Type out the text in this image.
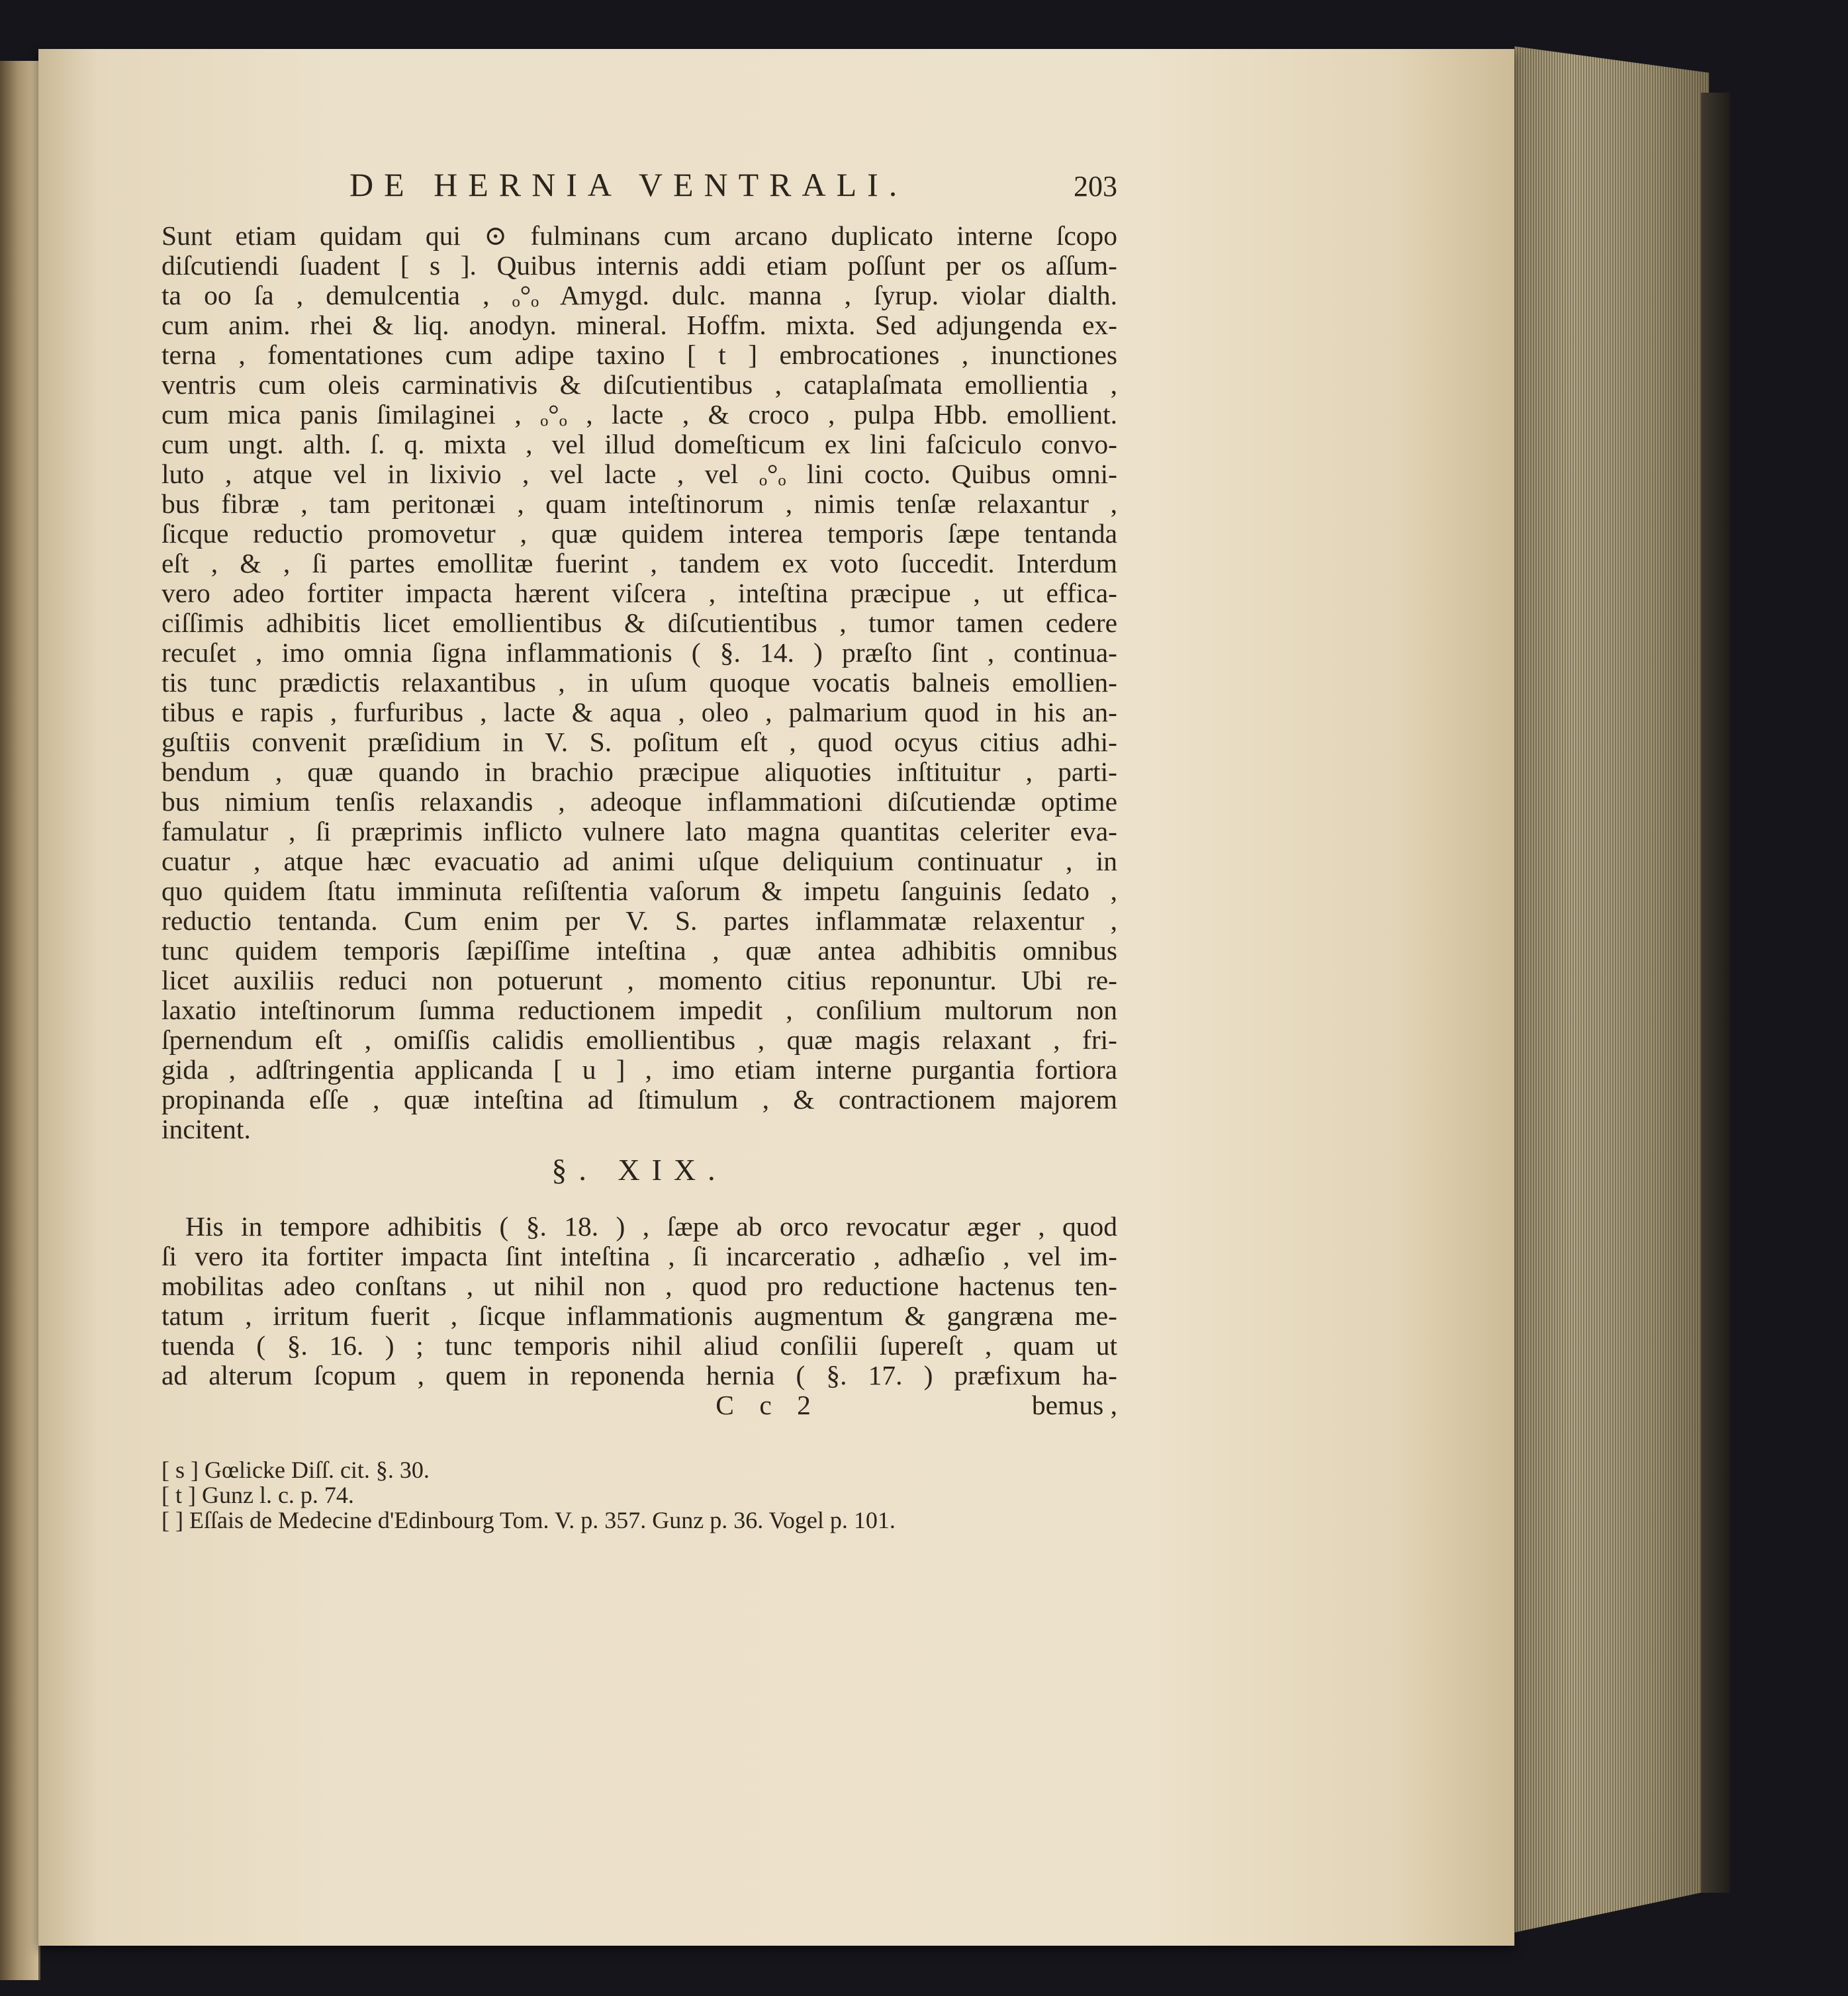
DE HERNIA VENTRALI.	203
Sunt etiam quidam qui ⊙ fulminans cum arcano duplicato interne ſcopo
diſcutiendi ſuadent [ s ]. Quibus internis addi etiam poſſunt per os aſſum-
ta oo ſa , demulcentia , ₒ°ₒ Amygd. dulc. manna , ſyrup. violar dialth.
cum anim. rhei & liq. anodyn. mineral. Hoffm. mixta. Sed adjungenda ex-
terna , fomentationes cum adipe taxino [ t ] embrocationes , inunctiones
ventris cum oleis carminativis & diſcutientibus , cataplaſmata emollientia ,
cum mica panis ſimilaginei , ₒ°ₒ , lacte , & croco , pulpa Hbb. emollient.
cum ungt. alth. ſ. q. mixta , vel illud domeſticum ex lini faſciculo convo-
luto , atque vel in lixivio , vel lacte , vel ₒ°ₒ lini cocto. Quibus omni-
bus fibræ , tam peritonæi , quam inteſtinorum , nimis tenſæ relaxantur ,
ſicque reductio promovetur , quæ quidem interea temporis ſæpe tentanda
eſt , & , ſi partes emollitæ fuerint , tandem ex voto ſuccedit. Interdum
vero adeo fortiter impacta hærent viſcera , inteſtina præcipue , ut effica-
ciſſimis adhibitis licet emollientibus & diſcutientibus , tumor tamen cedere
recuſet , imo omnia ſigna inflammationis ( §. 14. ) præſto ſint , continua-
tis tunc prædictis relaxantibus , in uſum quoque vocatis balneis emollien-
tibus e rapis , furfuribus , lacte & aqua , oleo , palmarium quod in his an-
guſtiis convenit præſidium in V. S. poſitum eſt , quod ocyus citius adhi-
bendum , quæ quando in brachio præcipue aliquoties inſtituitur , parti-
bus nimium tenſis relaxandis , adeoque inflammationi diſcutiendæ optime
famulatur , ſi præprimis inflicto vulnere lato magna quantitas celeriter eva-
cuatur , atque hæc evacuatio ad animi uſque deliquium continuatur , in
quo quidem ſtatu imminuta reſiſtentia vaſorum & impetu ſanguinis ſedato ,
reductio tentanda. Cum enim per V. S. partes inflammatæ relaxentur ,
tunc quidem temporis ſæpiſſime inteſtina , quæ antea adhibitis omnibus
licet auxiliis reduci non potuerunt , momento citius reponuntur. Ubi re-
laxatio inteſtinorum ſumma reductionem impedit , conſilium multorum non
ſpernendum eſt , omiſſis calidis emollientibus , quæ magis relaxant , fri-
gida , adſtringentia applicanda [ u ] , imo etiam interne purgantia fortiora
propinanda eſſe , quæ inteſtina ad ſtimulum , & contractionem majorem
incitent.
§. XIX.
His in tempore adhibitis ( §. 18. ) , ſæpe ab orco revocatur æger , quod
ſi vero ita fortiter impacta ſint inteſtina , ſi incarceratio , adhæſio , vel im-
mobilitas adeo conſtans , ut nihil non , quod pro reductione hactenus ten-
tatum , irritum fuerit , ſicque inflammationis augmentum & gangræna me-
tuenda ( §. 16. ) ; tunc temporis nihil aliud conſilii ſupereſt , quam ut
ad alterum ſcopum , quem in reponenda hernia ( §. 17. ) præfixum ha-
C c 2	bemus ,
[ s ] Gœlicke Diſſ. cit. §. 30.
[ t ] Gunz l. c. p. 74.
[ ] Eſſais de Medecine d'Edinbourg Tom. V. p. 357. Gunz p. 36. Vogel p. 101.
